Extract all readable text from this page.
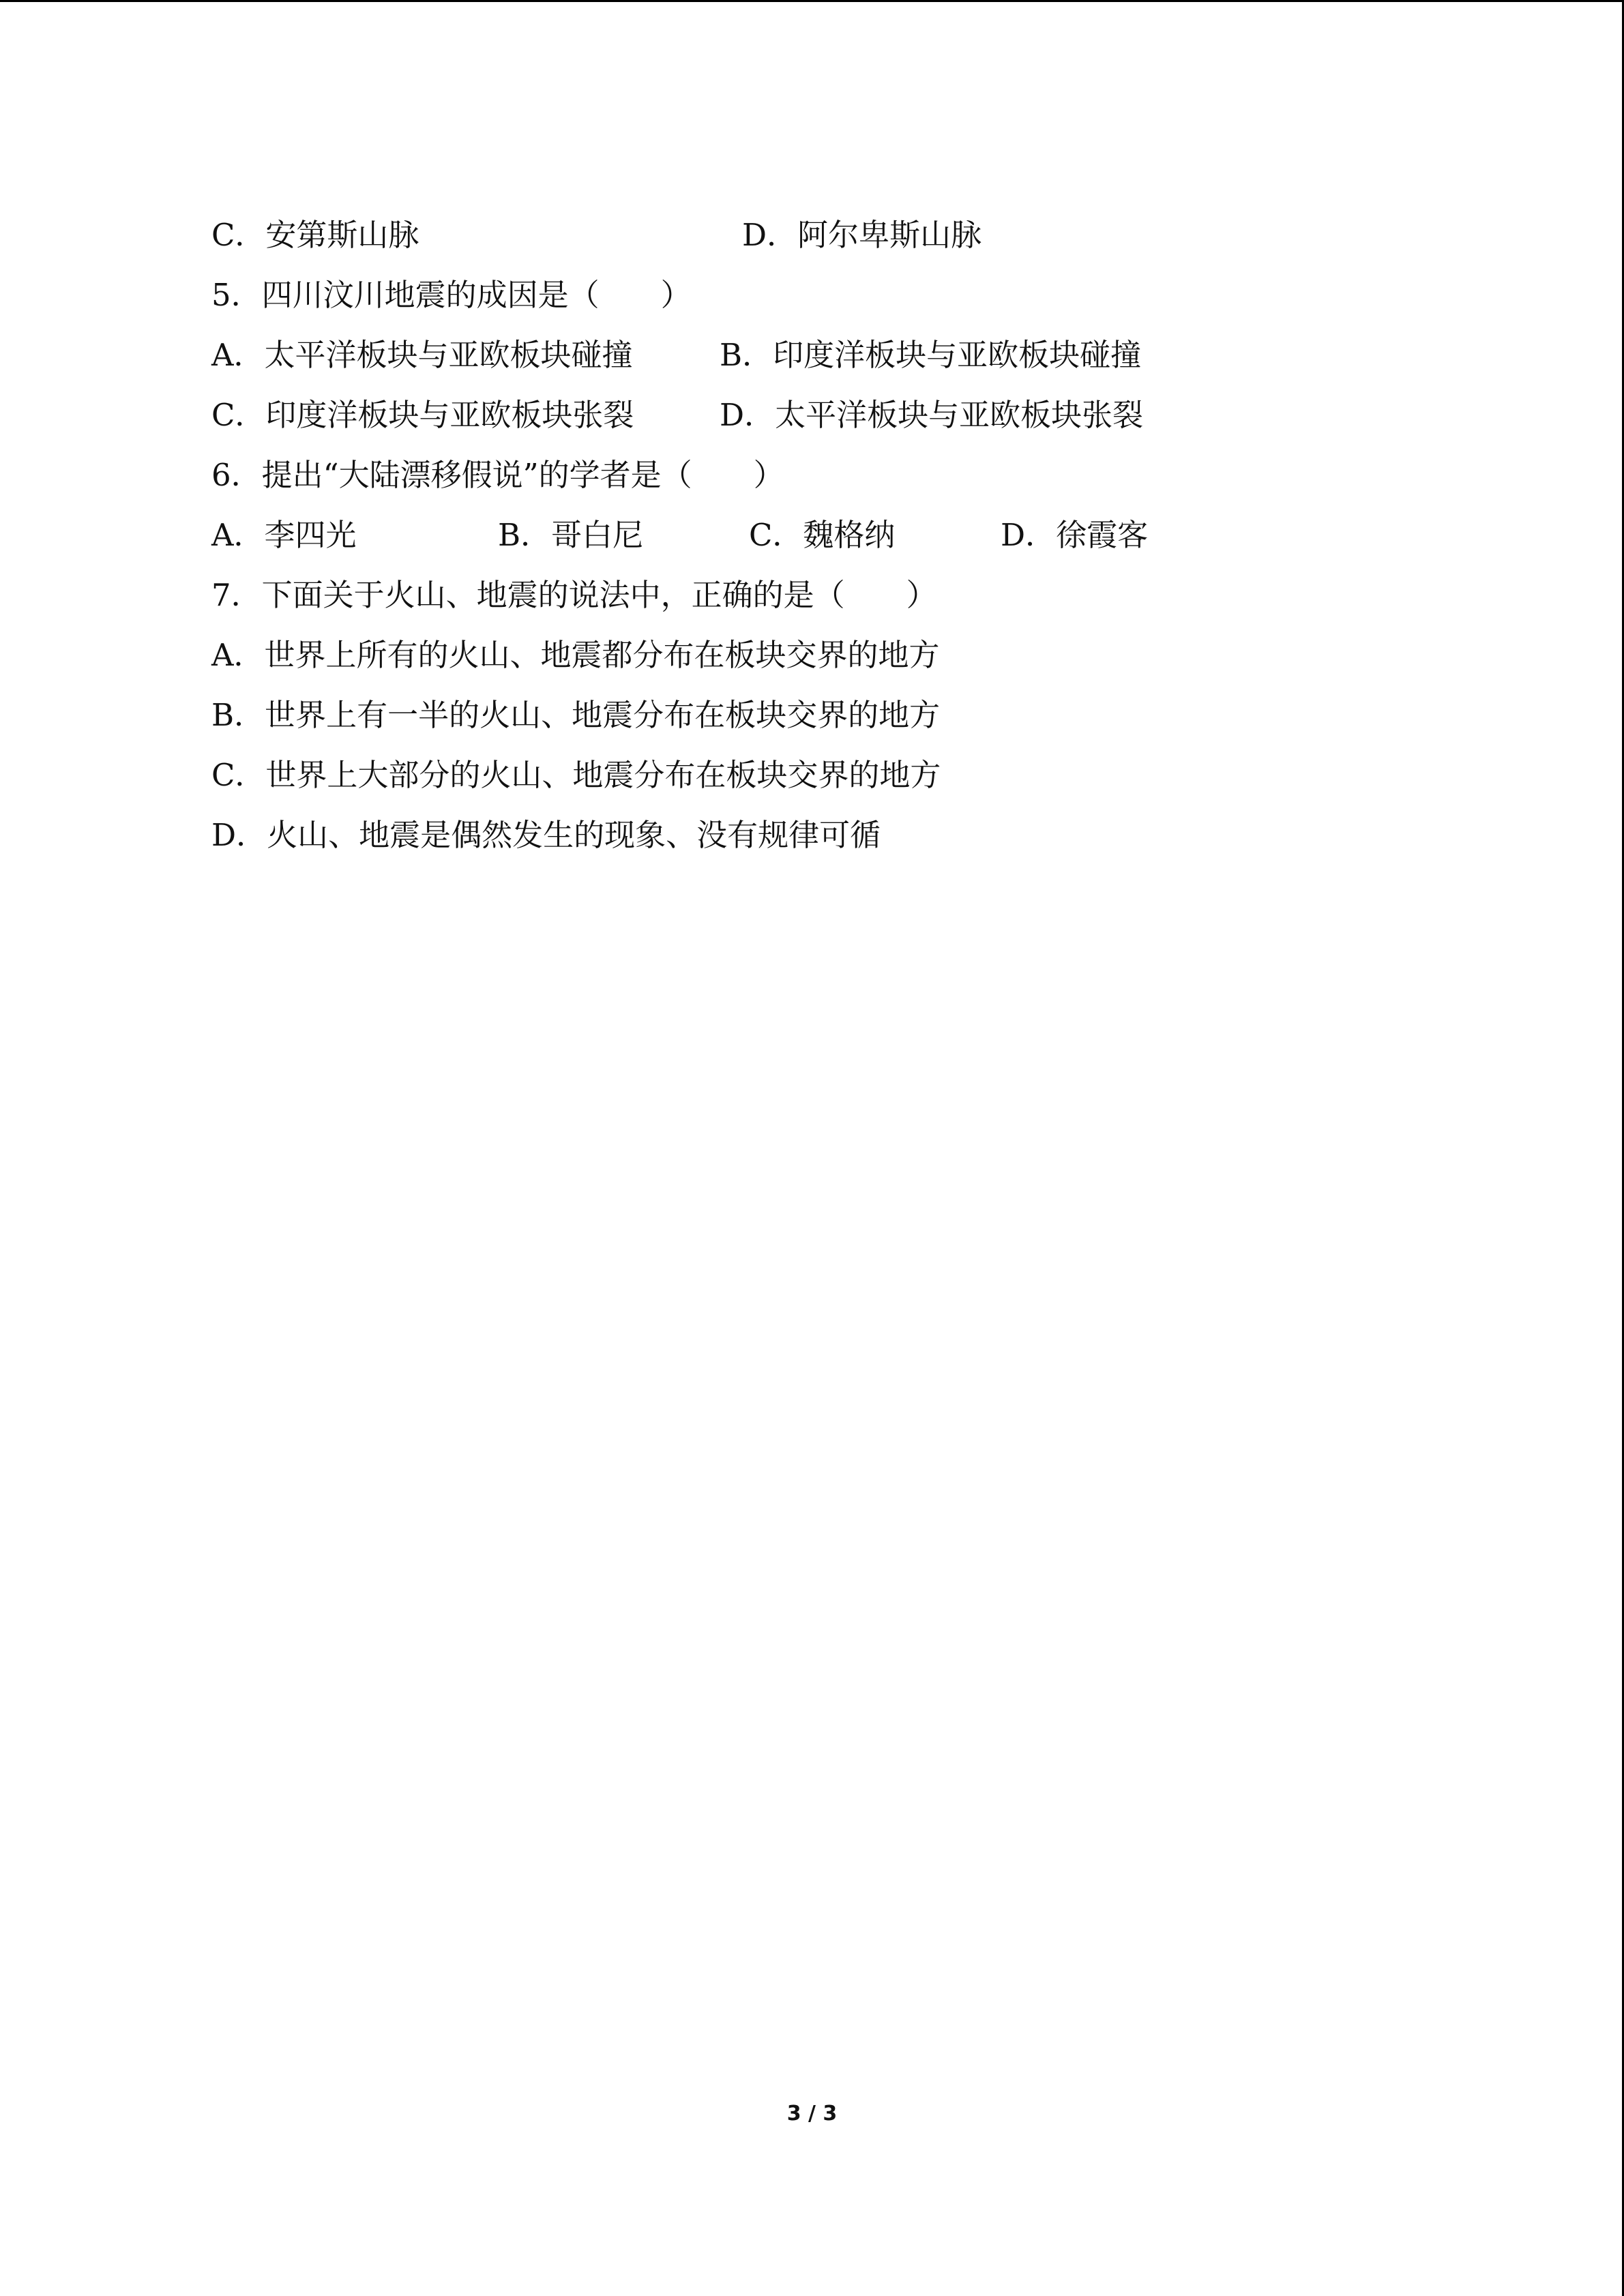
C．安第斯山脉	D．阿尔卑斯山脉
5．四川汶川地震的成因是（　　）
A．太平洋板块与亚欧板块碰撞	B．印度洋板块与亚欧板块碰撞
C．印度洋板块与亚欧板块张裂	D．太平洋板块与亚欧板块张裂
6．提出“大陆漂移假说”的学者是（　　）
A．李四光	B．哥白尼	C．魏格纳	D．徐霞客
7．下面关于火山、地震的说法中，正确的是（　　）
A．世界上所有的火山、地震都分布在板块交界的地方
B．世界上有一半的火山、地震分布在板块交界的地方
C．世界上大部分的火山、地震分布在板块交界的地方
D．火山、地震是偶然发生的现象、没有规律可循
3 / 3
